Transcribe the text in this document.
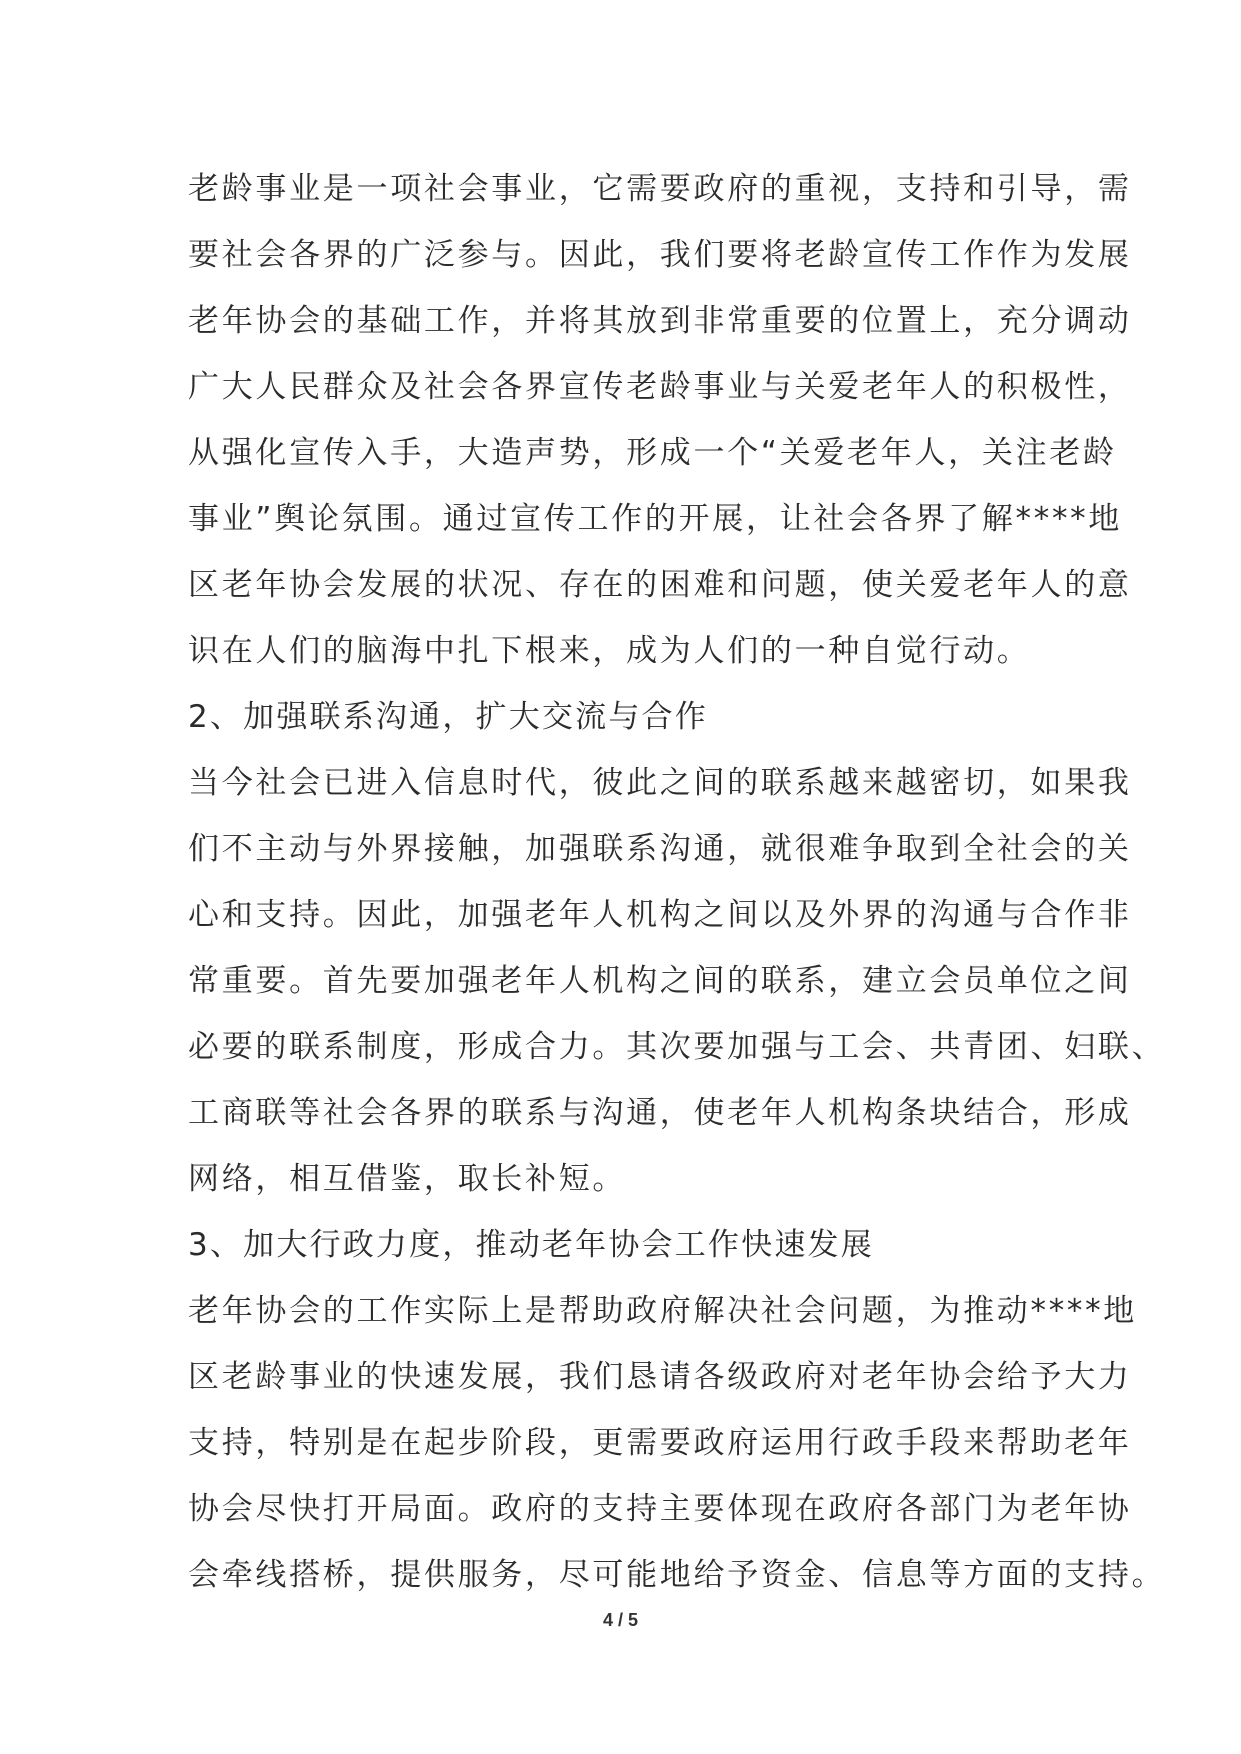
老龄事业是一项社会事业，它需要政府的重视，支持和引导，需
要社会各界的广泛参与。因此，我们要将老龄宣传工作作为发展
老年协会的基础工作，并将其放到非常重要的位置上，充分调动
广大人民群众及社会各界宣传老龄事业与关爱老年人的积极性，
从强化宣传入手，大造声势，形成一个“关爱老年人，关注老龄
事业”舆论氛围。通过宣传工作的开展，让社会各界了解****地
区老年协会发展的状况、存在的困难和问题，使关爱老年人的意
识在人们的脑海中扎下根来，成为人们的一种自觉行动。
2、加强联系沟通，扩大交流与合作
当今社会已进入信息时代，彼此之间的联系越来越密切，如果我
们不主动与外界接触，加强联系沟通，就很难争取到全社会的关
心和支持。因此，加强老年人机构之间以及外界的沟通与合作非
常重要。首先要加强老年人机构之间的联系，建立会员单位之间
必要的联系制度，形成合力。其次要加强与工会、共青团、妇联、
工商联等社会各界的联系与沟通，使老年人机构条块结合，形成
网络，相互借鉴，取长补短。
3、加大行政力度，推动老年协会工作快速发展
老年协会的工作实际上是帮助政府解决社会问题，为推动****地
区老龄事业的快速发展，我们恳请各级政府对老年协会给予大力
支持，特别是在起步阶段，更需要政府运用行政手段来帮助老年
协会尽快打开局面。政府的支持主要体现在政府各部门为老年协
会牵线搭桥，提供服务，尽可能地给予资金、信息等方面的支持。
4 / 5
